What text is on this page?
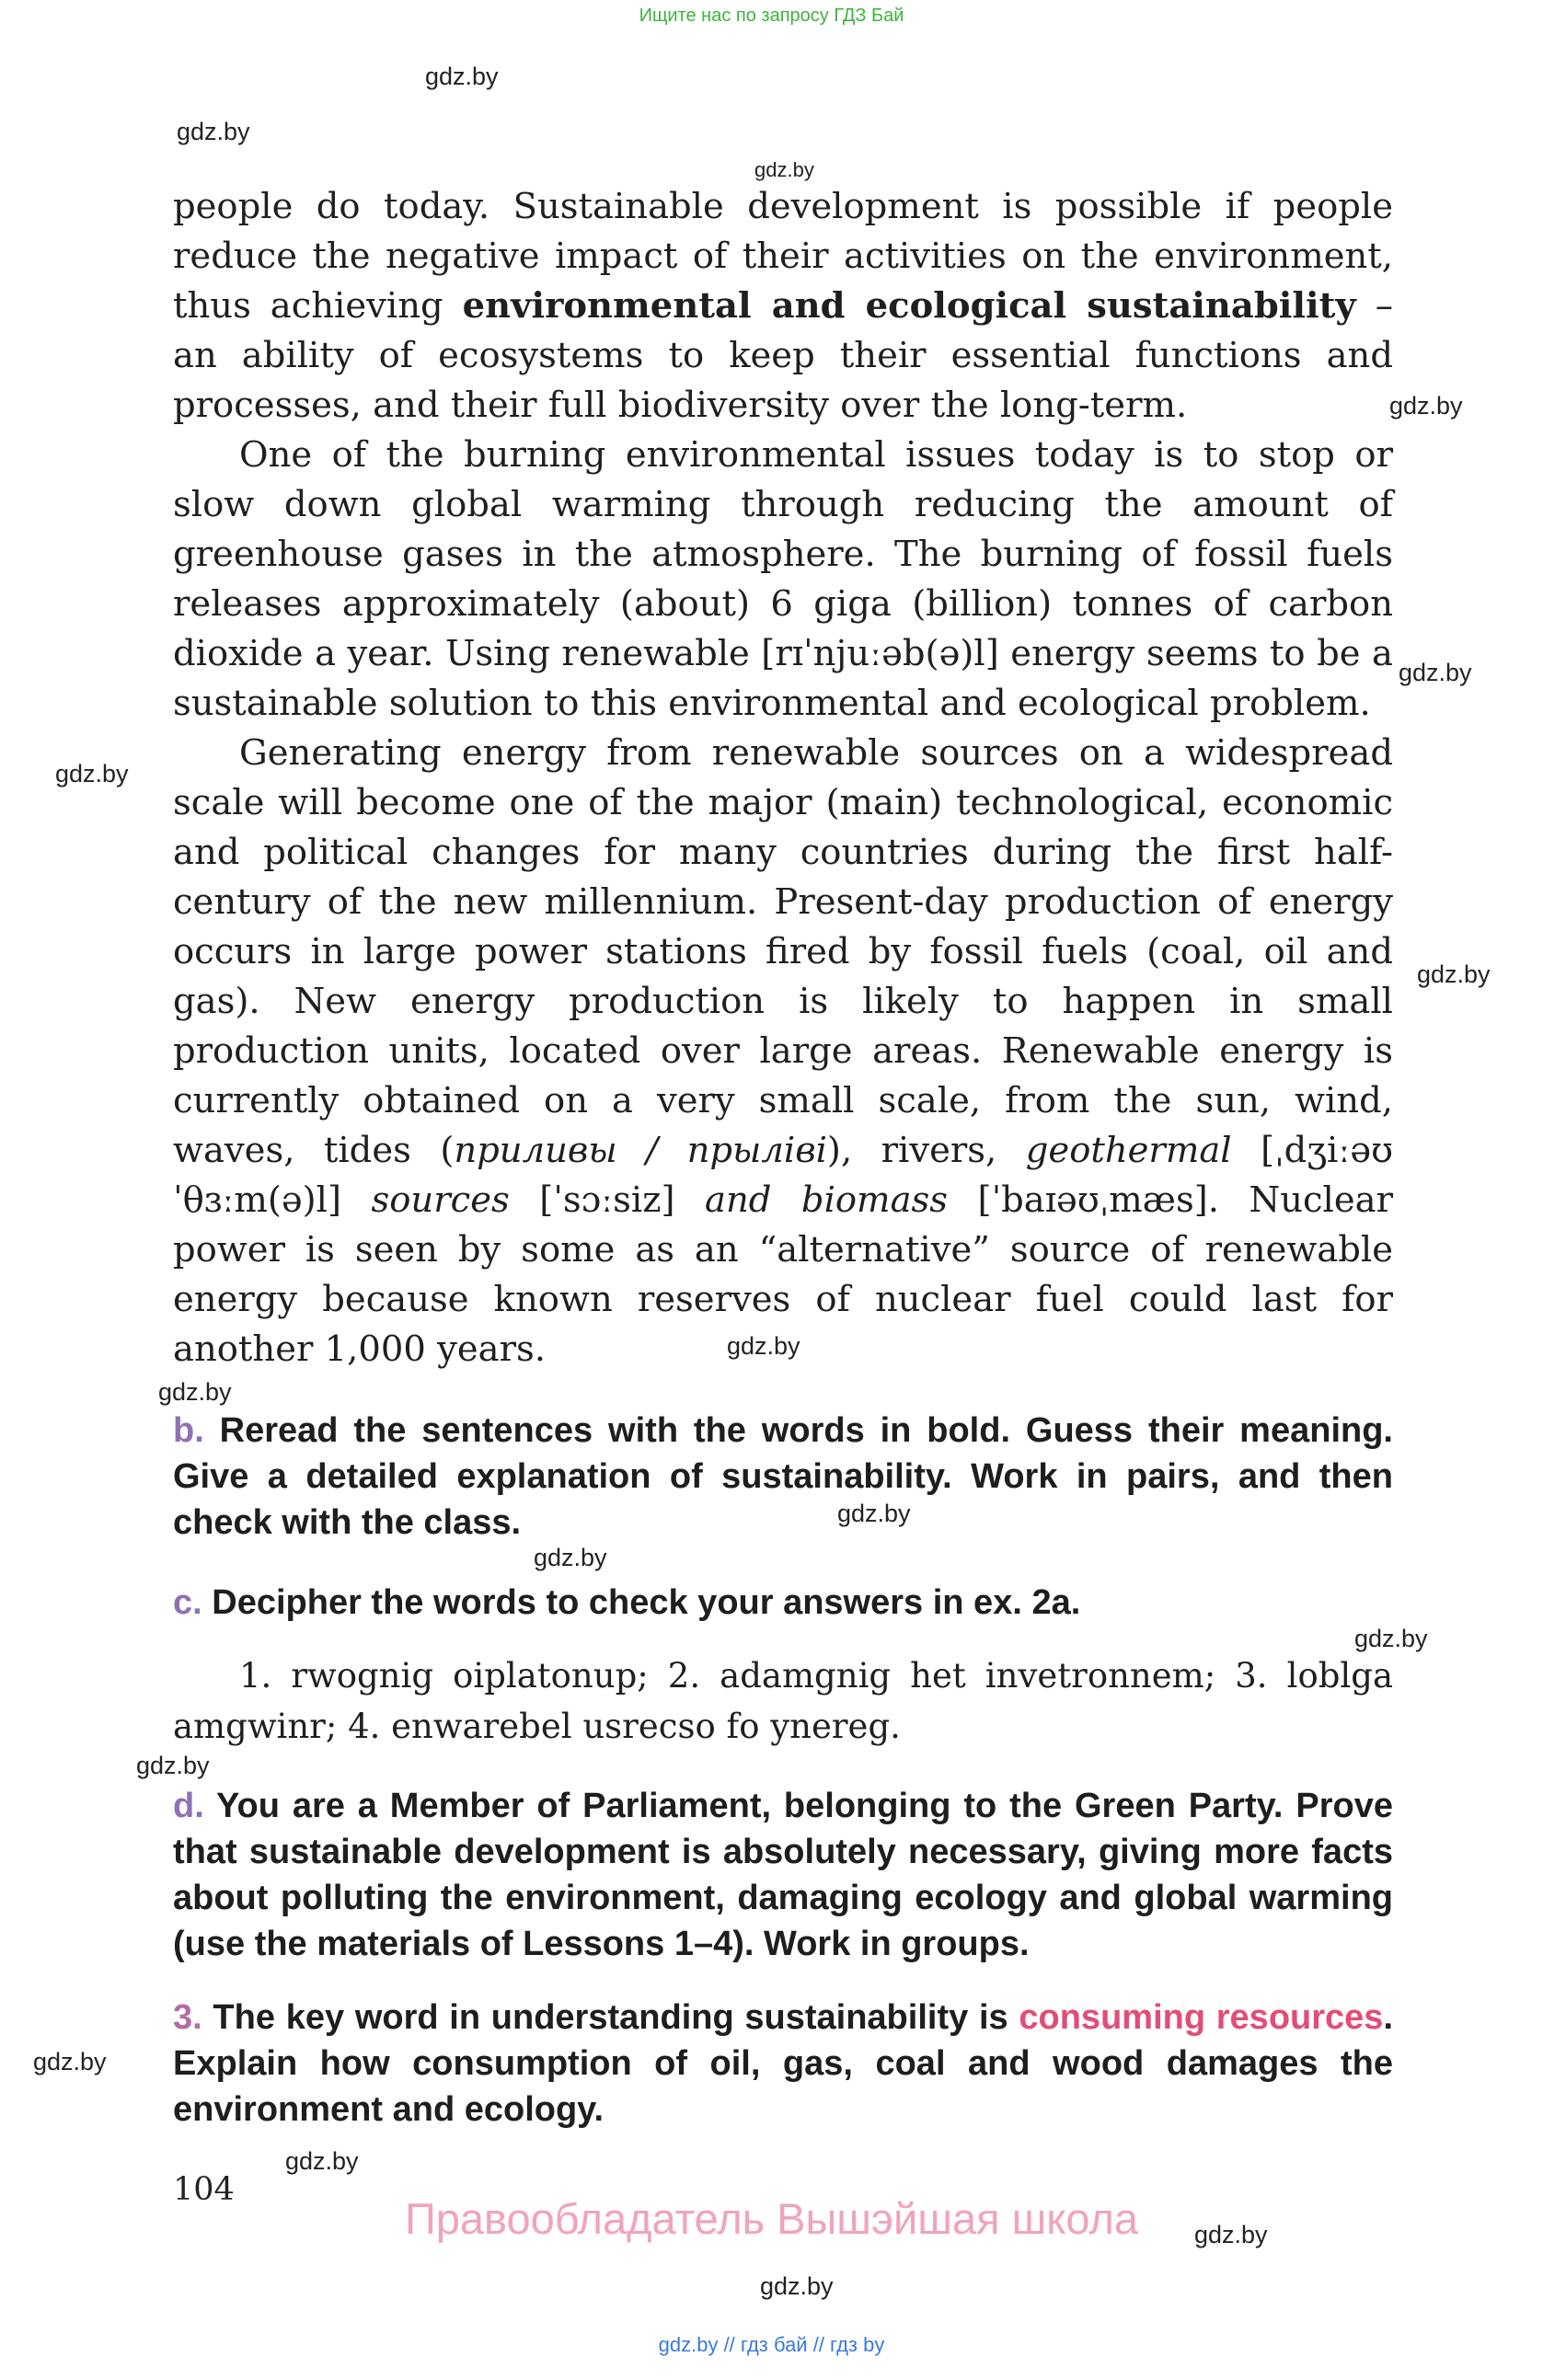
Ищите нас по запросу ГДЗ Бай
gdz.by
gdz.by
gdz.by

people do today. Sustainable development is possible if people reduce the negative impact of their activities on the environment, thus achieving environmental and ecological sustainability – an ability of ecosystems to keep their essential functions and processes, and their full biodiversity over the long-term.

One of the burning environmental issues today is to stop or slow down global warming through reducing the amount of greenhouse gases in the atmosphere. The burning of fossil fuels releases approximately (about) 6 giga (billion) tonnes of carbon dioxide a year. Using renewable [rɪˈnjuːəb(ə)l] energy seems to be a sustainable solution to this environmental and ecological problem.

Generating energy from renewable sources on a widespread scale will become one of the major (main) technological, economic and political changes for many countries during the first half-century of the new millennium. Present-day production of energy occurs in large power stations fired by fossil fuels (coal, oil and gas). New energy production is likely to happen in small production units, located over large areas. Renewable energy is currently obtained on a very small scale, from the sun, wind, waves, tides (приливы / прыліві), rivers, geothermal [ˌdʒiːəʊˈθɜːm(ə)l] sources [ˈsɔːsiz] and biomass [ˈbaɪəʊˌmæs]. Nuclear power is seen by some as an “alternative” source of renewable energy because known reserves of nuclear fuel could last for another 1,000 years.

gdz.by
gdz.by
gdz.by
gdz.by
gdz.by
gdz.by
b. Reread the sentences with the words in bold. Guess their meaning. Give a detailed explanation of sustainability. Work in pairs, and then check with the class.	gdz.by
gdz.by
c. Decipher the words to check your answers in ex. 2a.
gdz.by

1. rwognig oiplatonup; 2. adamgnig het invetronnem; 3. loblga amgwinr; 4. enwarebel usrecso fo ynereg.

gdz.by
d. You are a Member of Parliament, belonging to the Green Party. Prove that sustainable development is absolutely necessary, giving more facts about polluting the environment, damaging ecology and global warming (use the materials of Lessons 1–4). Work in groups.
3. The key word in understanding sustainability is consuming resources. Explain how consumption of oil, gas, coal and wood damages the environment and ecology.
gdz.by
gdz.by
104
Правообладатель Вышэйшая школа	gdz.by
gdz.by
gdz.by // гдз бай // гдз by
